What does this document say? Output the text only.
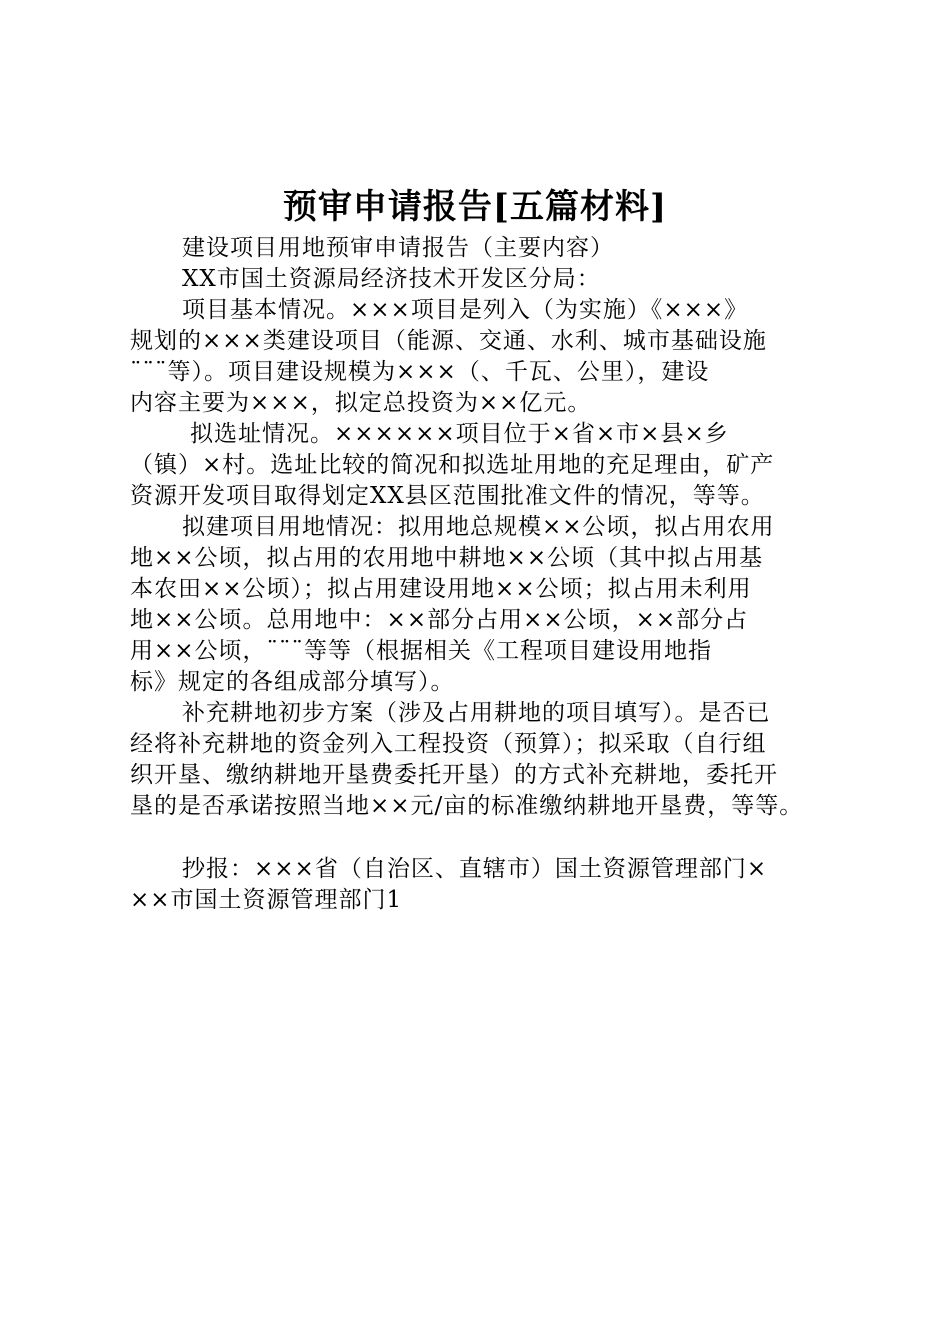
预审申请报告[五篇材料]
建设项目用地预审申请报告（主要内容）
XX市国土资源局经济技术开发区分局：
项目基本情况。×××项目是列入（为实施）《×××》
规划的×××类建设项目（能源、交通、水利、城市基础设施
¨¨¨等）。项目建设规模为×××（、千瓦、公里），建设
内容主要为×××，拟定总投资为××亿元。
拟选址情况。××××××项目位于×省×市×县×乡
（镇）×村。选址比较的简况和拟选址用地的充足理由，矿产
资源开发项目取得划定XX县区范围批准文件的情况，等等。
拟建项目用地情况：拟用地总规模××公顷，拟占用农用
地××公顷，拟占用的农用地中耕地××公顷（其中拟占用基
本农田××公顷）；拟占用建设用地××公顷；拟占用未利用
地××公顷。总用地中：××部分占用××公顷，××部分占
用××公顷，¨¨¨等等（根据相关《工程项目建设用地指
标》规定的各组成部分填写）。
补充耕地初步方案（涉及占用耕地的项目填写）。是否已
经将补充耕地的资金列入工程投资（预算）；拟采取（自行组
织开垦、缴纳耕地开垦费委托开垦）的方式补充耕地，委托开
垦的是否承诺按照当地××元/亩的标准缴纳耕地开垦费，等等。
抄报：×××省（自治区、直辖市）国土资源管理部门×
××市国土资源管理部门1
